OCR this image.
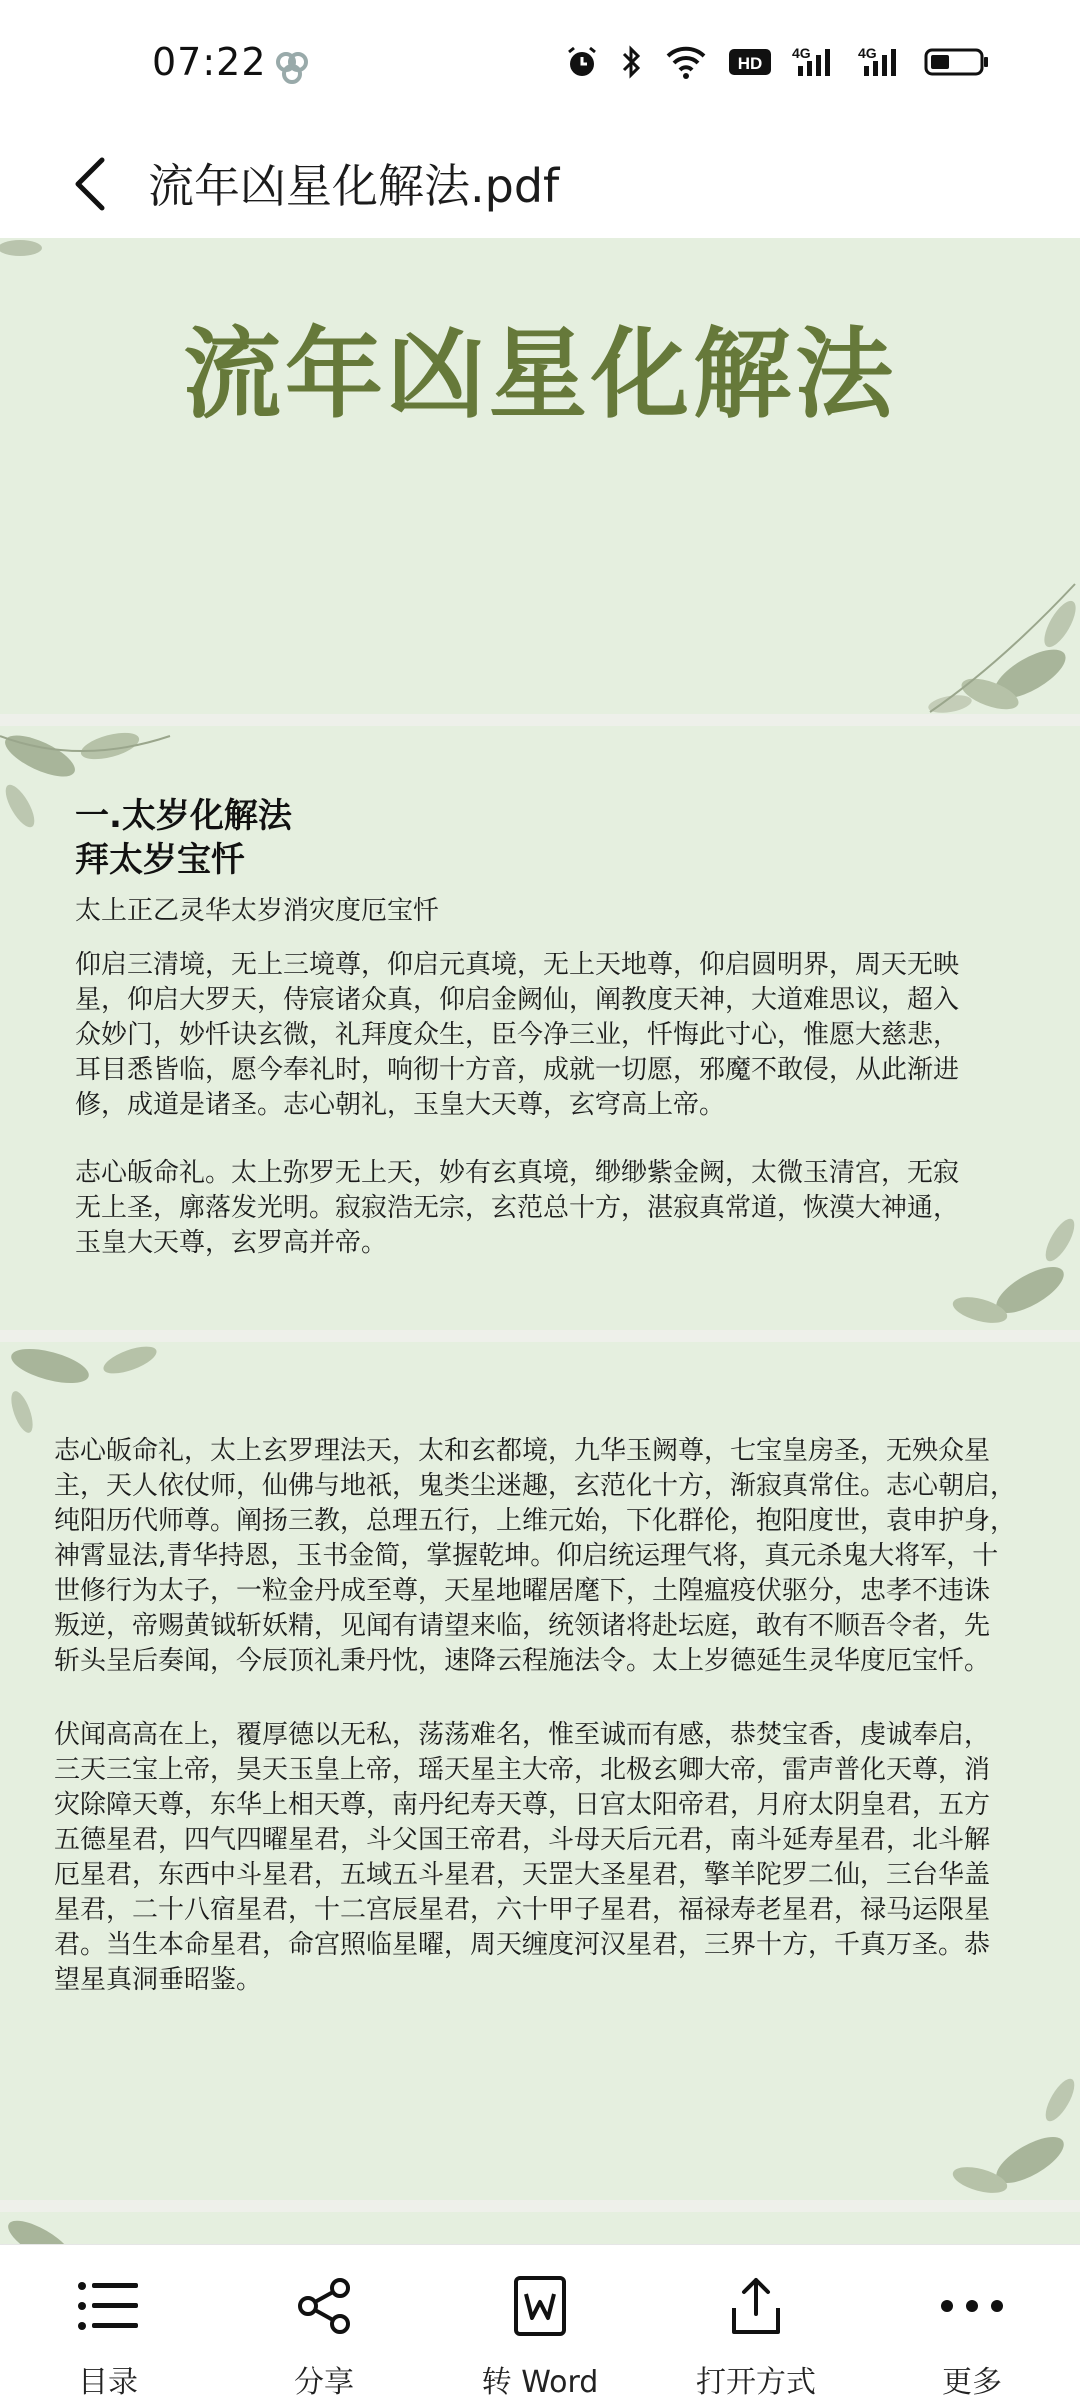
07:22	HD
4G	4G
流年凶星化解法.pdf
流年凶星化解法
一.太岁化解法
拜太岁宝忏

太上正乙灵华太岁消灾度厄宝忏

仰启三清境，无上三境尊，仰启元真境，无上天地尊，仰启圆明界，周天无映
星，仰启大罗天，侍宸诸众真，仰启金阙仙，阐教度天神，大道难思议，超入
众妙门，妙忏诀玄微，礼拜度众生，臣今净三业，忏悔此寸心，惟愿大慈悲，
耳目悉皆临，愿今奉礼时，响彻十方音，成就一切愿，邪魔不敢侵，从此渐进
修，成道是诸圣。志心朝礼，玉皇大天尊，玄穹高上帝。

志心皈命礼。太上弥罗无上天，妙有玄真境，缈缈紫金阙，太微玉清宫，无寂
无上圣，廓落发光明。寂寂浩无宗，玄范总十方，湛寂真常道，恢漠大神通，
玉皇大天尊，玄罗高并帝。

志心皈命礼，太上玄罗理法天，太和玄都境，九华玉阙尊，七宝皇房圣，无殃众星
主，天人依仗师，仙佛与地祇，鬼类尘迷趣，玄范化十方，渐寂真常住。志心朝启，
纯阳历代师尊。阐扬三教，总理五行，上维元始，下化群伦，抱阳度世，袁申护身，
神霄显法,青华持恩，玉书金简，掌握乾坤。仰启统运理气将，真元杀鬼大将军，十
世修行为太子，一粒金丹成至尊，天星地曜居麾下，土隍瘟疫伏驱分，忠孝不违诛
叛逆，帝赐黄钺斩妖精，见闻有请望来临，统领诸将赴坛庭，敢有不顺吾令者，先
斩头呈后奏闻，今辰顶礼秉丹忱，速降云程施法令。太上岁德延生灵华度厄宝忏。

伏闻高高在上，覆厚德以无私，荡荡难名，惟至诚而有感，恭焚宝香，虔诚奉启，
三天三宝上帝，昊天玉皇上帝，瑶天星主大帝，北极玄卿大帝，雷声普化天尊，消
灾除障天尊，东华上相天尊，南丹纪寿天尊，日宫太阳帝君，月府太阴皇君，五方
五德星君，四气四曜星君，斗父国王帝君，斗母天后元君，南斗延寿星君，北斗解
厄星君，东西中斗星君，五域五斗星君，天罡大圣星君，擎羊陀罗二仙，三台华盖
星君，二十八宿星君，十二宫辰星君，六十甲子星君，福禄寿老星君，禄马运限星
君。当生本命星君，命宫照临星曜，周天缠度河汉星君，三界十方，千真万圣。恭
望星真洞垂昭鉴。

目录	分享	转 Word	打开方式	更多
